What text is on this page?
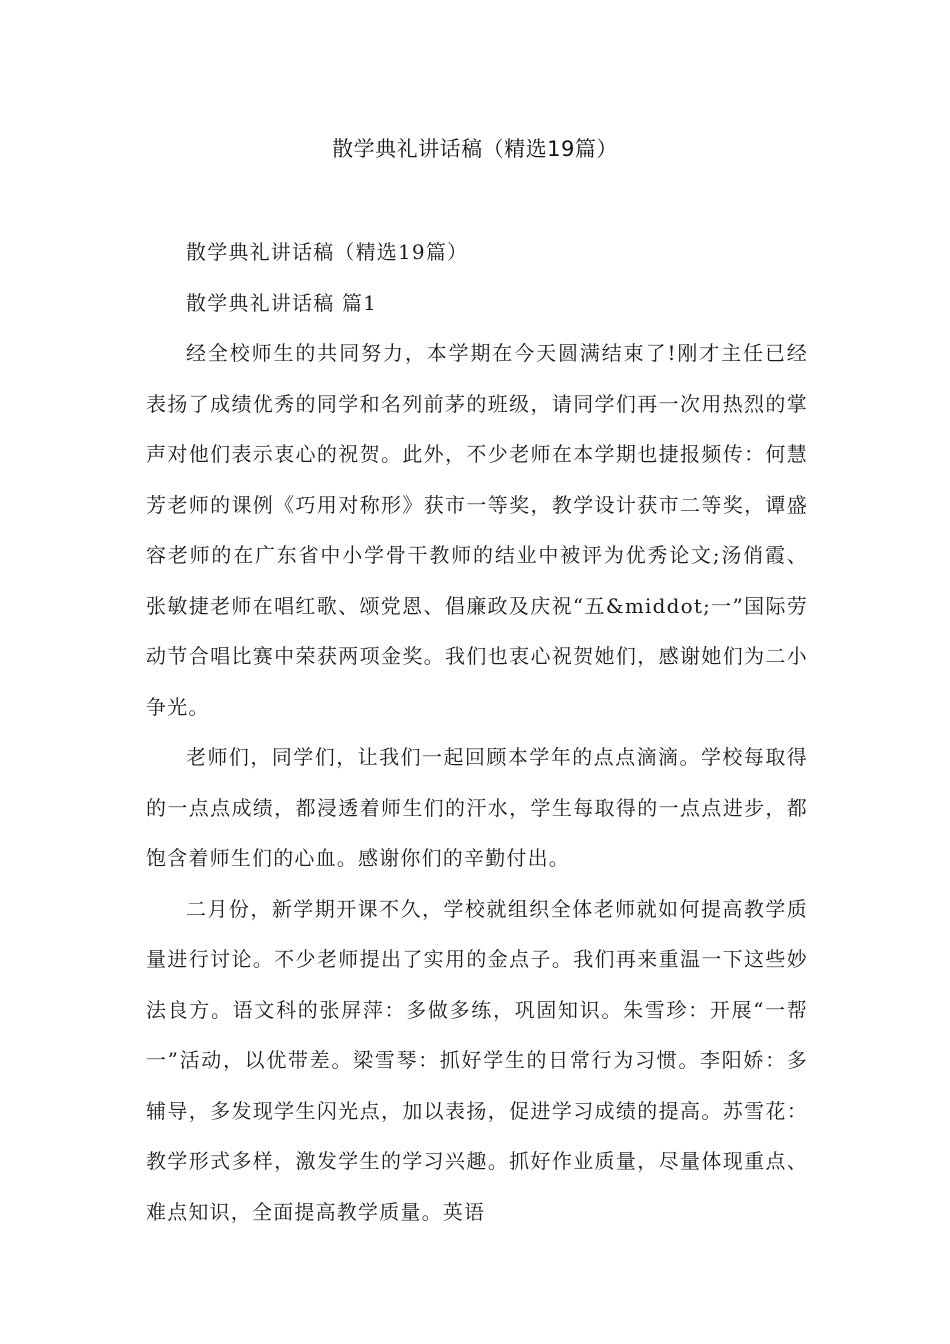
散学典礼讲话稿（精选19篇）

散学典礼讲话稿（精选19篇）

散学典礼讲话稿 篇1

经全校师生的共同努力，本学期在今天圆满结束了!刚才主任已经表扬了成绩优秀的同学和名列前茅的班级，请同学们再一次用热烈的掌声对他们表示衷心的祝贺。此外，不少老师在本学期也捷报频传：何慧芳老师的课例《巧用对称形》获市一等奖，教学设计获市二等奖，谭盛容老师的在广东省中小学骨干教师的结业中被评为优秀论文;汤俏霞、张敏捷老师在唱红歌、颂党恩、倡廉政及庆祝“五&middot;一”国际劳动节合唱比赛中荣获两项金奖。我们也衷心祝贺她们，感谢她们为二小争光。

老师们，同学们，让我们一起回顾本学年的点点滴滴。学校每取得的一点点成绩，都浸透着师生们的汗水，学生每取得的一点点进步，都饱含着师生们的心血。感谢你们的辛勤付出。

二月份，新学期开课不久，学校就组织全体老师就如何提高教学质量进行讨论。不少老师提出了实用的金点子。我们再来重温一下这些妙法良方。语文科的张屏萍：多做多练，巩固知识。朱雪珍：开展“一帮一”活动，以优带差。梁雪琴：抓好学生的日常行为习惯。李阳娇：多辅导，多发现学生闪光点，加以表扬，促进学习成绩的提高。苏雪花：教学形式多样，激发学生的学习兴趣。抓好作业质量，尽量体现重点、难点知识，全面提高教学质量。英语
